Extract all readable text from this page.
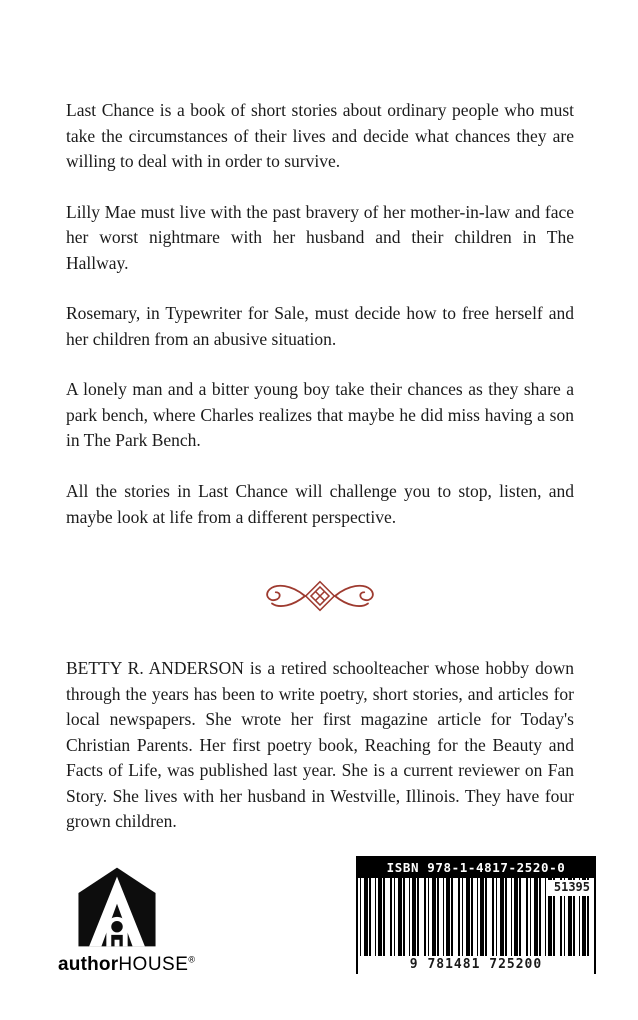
Last Chance is a book of short stories about ordinary people who must take the circumstances of their lives and decide what chances they are willing to deal with in order to survive.

Lilly Mae must live with the past bravery of her mother-in-law and face her worst nightmare with her husband and their children in The Hallway.

Rosemary, in Typewriter for Sale, must decide how to free herself and her children from an abusive situation.

A lonely man and a bitter young boy take their chances as they share a park bench, where Charles realizes that maybe he did miss having a son in The Park Bench.

All the stories in Last Chance will challenge you to stop, listen, and maybe look at life from a different perspective.

BETTY R. ANDERSON is a retired schoolteacher whose hobby down through the years has been to write poetry, short stories, and articles for local newspapers. She wrote her first magazine article for Today's Christian Parents. Her first poetry book, Reaching for the Beauty and Facts of Life, was published last year. She is a current reviewer on Fan Story. She lives with her husband in Westville, Illinois. They have four grown children.

authorHOUSE®
ISBN 978-1-4817-2520-0
51395
9 781481 725200
